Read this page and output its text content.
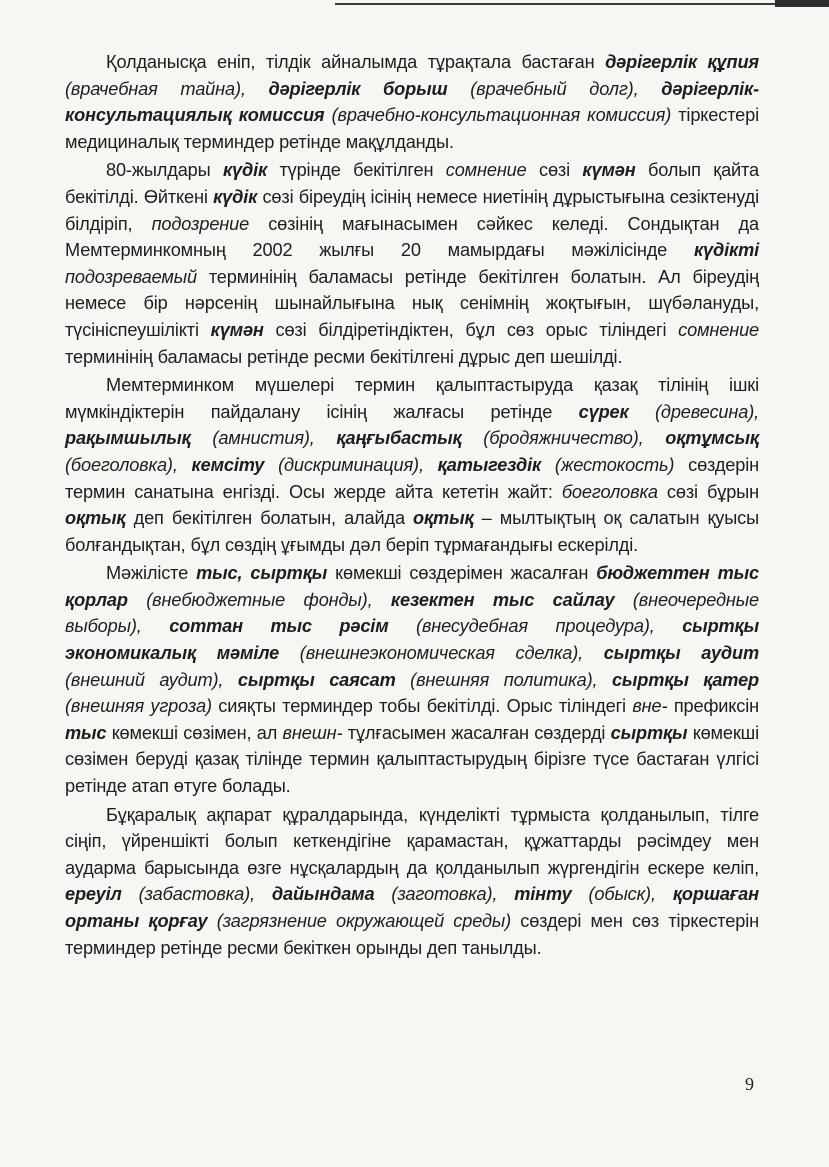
Қолданысқа еніп, тілдік айналымда тұрақтала бастаған дәрігерлік құпия (врачебная тайна), дәрігерлік борыш (врачебный долг), дәрігерлік-консультациялық комиссия (врачебно-консультационная комиссия) тіркестері медициналық терминдер ретінде мақұлданды.

80-жылдары күдік түрінде бекітілген сомнение сөзі күмән болып қайта бекітілді. Өйткені күдік сөзі біреудің ісінің немесе ниетінің дұрыстығына сезіктенуді білдіріп, подозрение сөзінің мағынасымен сәйкес келеді. Сондықтан да Мемтерминкомның 2002 жылғы 20 мамырдағы мәжілісінде күдікті подозреваемый терминінің баламасы ретінде бекітілген болатын. Ал біреудің немесе бір нәрсенің шынайлығына нық сенімнің жоқтығын, шүбәлануды, түсініспеушілікті күмән сөзі білдіретіндіктен, бұл сөз орыс тіліндегі сомнение терминінің баламасы ретінде ресми бекітілгені дұрыс деп шешілді.

Мемтерминком мүшелері термин қалыптастыруда қазақ тілінің ішкі мүмкіндіктерін пайдалану ісінің жалғасы ретінде сүрек (древесина), рақымшылық (амнистия), қаңғыбастық (бродяжничество), оқтұмсық (боеголовка), кемсіту (дискриминация), қатыгездік (жестокость) сөздерін термин санатына енгізді. Осы жерде айта кететін жайт: боеголовка сөзі бұрын оқтық деп бекітілген болатын, алайда оқтық – мылтықтың оқ салатын қуысы болғандықтан, бұл сөздің ұғымды дәл беріп тұрмағандығы ескерілді.

Мәжілісте тыс, сыртқы көмекші сөздерімен жасалған бюджеттен тыс қорлар (внебюджетные фонды), кезектен тыс сайлау (внеочередные выборы), соттан тыс рәсім (внесудебная процедура), сыртқы экономикалық мәміле (внешнеэкономическая сделка), сыртқы аудит (внешний аудит), сыртқы саясат (внешняя политика), сыртқы қатер (внешняя угроза) сияқты терминдер тобы бекітілді. Орыс тіліндегі вне- префиксін тыс көмекші сөзімен, ал внешн- тұлғасымен жасалған сөздерді сыртқы көмекші сөзімен беруді қазақ тілінде термин қалыптастырудың бірізге түсе бастаған үлгісі ретінде атап өтуге болады.

Бұқаралық ақпарат құралдарында, күнделікті тұрмыста қолданылып, тілге сіңіп, үйреншікті болып кеткендігіне қарамастан, құжаттарды рәсімдеу мен аударма барысында өзге нұсқалардың да қолданылып жүргендігін ескере келіп, ереуіл (забастовка), дайындама (заготовка), тінту (обыск), қоршаған ортаны қорғау (загрязнение окружающей среды) сөздері мен сөз тіркестерін терминдер ретінде ресми бекіткен орынды деп танылды.

9
